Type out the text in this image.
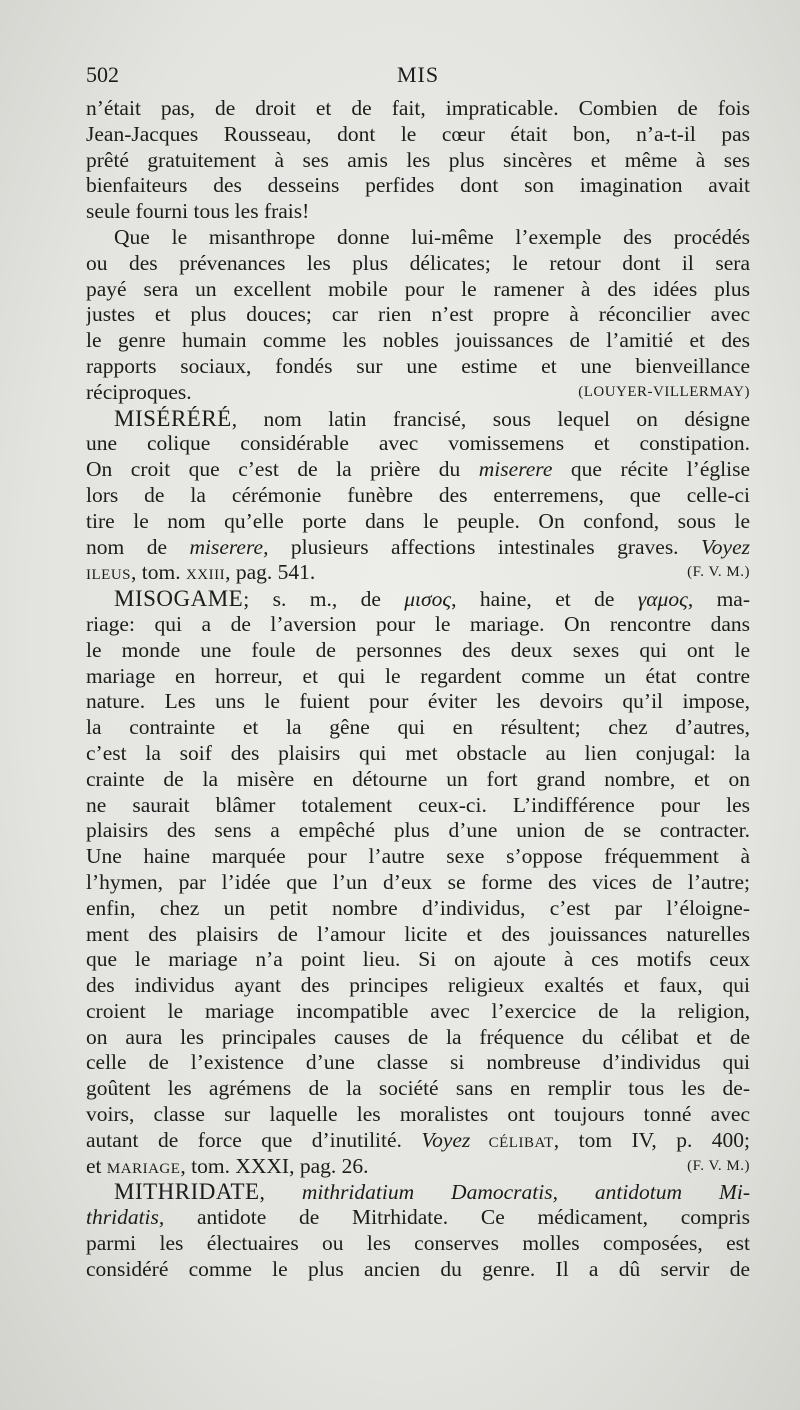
502	MIS
n’était pas, de droit et de fait, impraticable. Combien de fois
Jean-Jacques Rousseau, dont le cœur était bon, n’a-t-il pas
prêté gratuitement à ses amis les plus sincères et même à ses
bienfaiteurs des desseins perfides dont son imagination avait
seule fourni tous les frais!
Que le misanthrope donne lui-même l’exemple des procédés
ou des prévenances les plus délicates; le retour dont il sera
payé sera un excellent mobile pour le ramener à des idées plus
justes et plus douces; car rien n’est propre à réconcilier avec
le genre humain comme les nobles jouissances de l’amitié et des
rapports sociaux, fondés sur une estime et une bienveillance
réciproques.	(LOUYER-VILLERMAY)
MISÉRÉRÉ, nom latin francisé, sous lequel on désigne
une colique considérable avec vomissemens et constipation.
On croit que c’est de la prière du miserere que récite l’église
lors de la cérémonie funèbre des enterremens, que celle-ci
tire le nom qu’elle porte dans le peuple. On confond, sous le
nom de miserere, plusieurs affections intestinales graves. Voyez
ILEUS, tom. XXIII, pag. 541.	(F. V. M.)
MISOGAME; s. m., de μισος, haine, et de γαμος, ma-
riage: qui a de l’aversion pour le mariage. On rencontre dans
le monde une foule de personnes des deux sexes qui ont le
mariage en horreur, et qui le regardent comme un état contre
nature. Les uns le fuient pour éviter les devoirs qu’il impose,
la contrainte et la gêne qui en résultent; chez d’autres,
c’est la soif des plaisirs qui met obstacle au lien conjugal: la
crainte de la misère en détourne un fort grand nombre, et on
ne saurait blâmer totalement ceux-ci. L’indifférence pour les
plaisirs des sens a empêché plus d’une union de se contracter.
Une haine marquée pour l’autre sexe s’oppose fréquemment à
l’hymen, par l’idée que l’un d’eux se forme des vices de l’autre;
enfin, chez un petit nombre d’individus, c’est par l’éloigne-
ment des plaisirs de l’amour licite et des jouissances naturelles
que le mariage n’a point lieu. Si on ajoute à ces motifs ceux
des individus ayant des principes religieux exaltés et faux, qui
croient le mariage incompatible avec l’exercice de la religion,
on aura les principales causes de la fréquence du célibat et de
celle de l’existence d’une classe si nombreuse d’individus qui
goûtent les agrémens de la société sans en remplir tous les de-
voirs, classe sur laquelle les moralistes ont toujours tonné avec
autant de force que d’inutilité. Voyez CÉLIBAT, tom IV, p. 400;
et MARIAGE, tom. XXXI, pag. 26.	(F. V. M.)
MITHRIDATE, mithridatium Damocratis, antidotum Mi-
thridatis, antidote de Mitrhidate. Ce médicament, compris
parmi les électuaires ou les conserves molles composées, est
considéré comme le plus ancien du genre. Il a dû servir de
